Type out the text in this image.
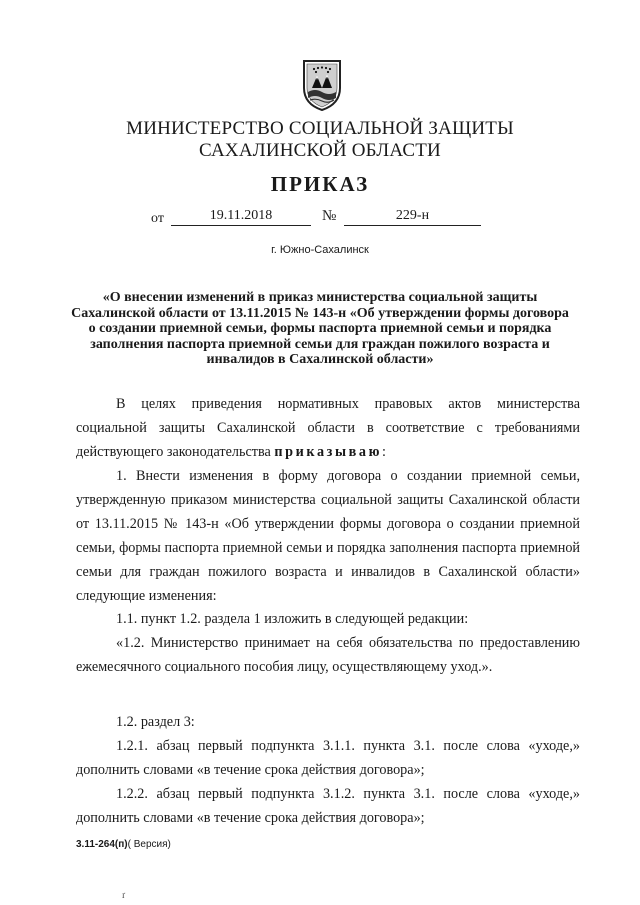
МИНИСТЕРСТВО СОЦИАЛЬНОЙ ЗАЩИТЫ
САХАЛИНСКОЙ ОБЛАСТИ
ПРИКАЗ
от	19.11.2018	№	229-н
г. Южно-Сахалинск
«О внесении изменений в приказ министерства социальной защиты Сахалинской области от 13.11.2015 № 143-н «Об утверждении формы договора о создании приемной семьи, формы паспорта приемной семьи и порядка заполнения паспорта приемной семьи для граждан пожилого возраста и инвалидов в Сахалинской области»

В целях приведения нормативных правовых актов министерства социальной защиты Сахалинской области в соответствие с требованиями действующего законодательства приказываю:

1. Внести изменения в форму договора о создании приемной семьи, утвержденную приказом министерства социальной защиты Сахалинской области от 13.11.2015 № 143-н «Об утверждении формы договора о создании приемной семьи, формы паспорта приемной семьи и порядка заполнения паспорта приемной семьи для граждан пожилого возраста и инвалидов в Сахалинской области» следующие изменения:

1.1. пункт 1.2. раздела 1 изложить в следующей редакции:

«1.2. Министерство принимает на себя обязательства по предоставлению ежемесячного социального пособия лицу, осуществляющему уход.».

1.2. раздел 3:

1.2.1. абзац первый подпункта 3.1.1. пункта 3.1. после слова «уходе,» дополнить словами «в течение срока действия договора»;

1.2.2. абзац первый подпункта 3.1.2. пункта 3.1. после слова «уходе,» дополнить словами «в течение срока действия договора»;

3.11-264(п)( Версия)
ґ
